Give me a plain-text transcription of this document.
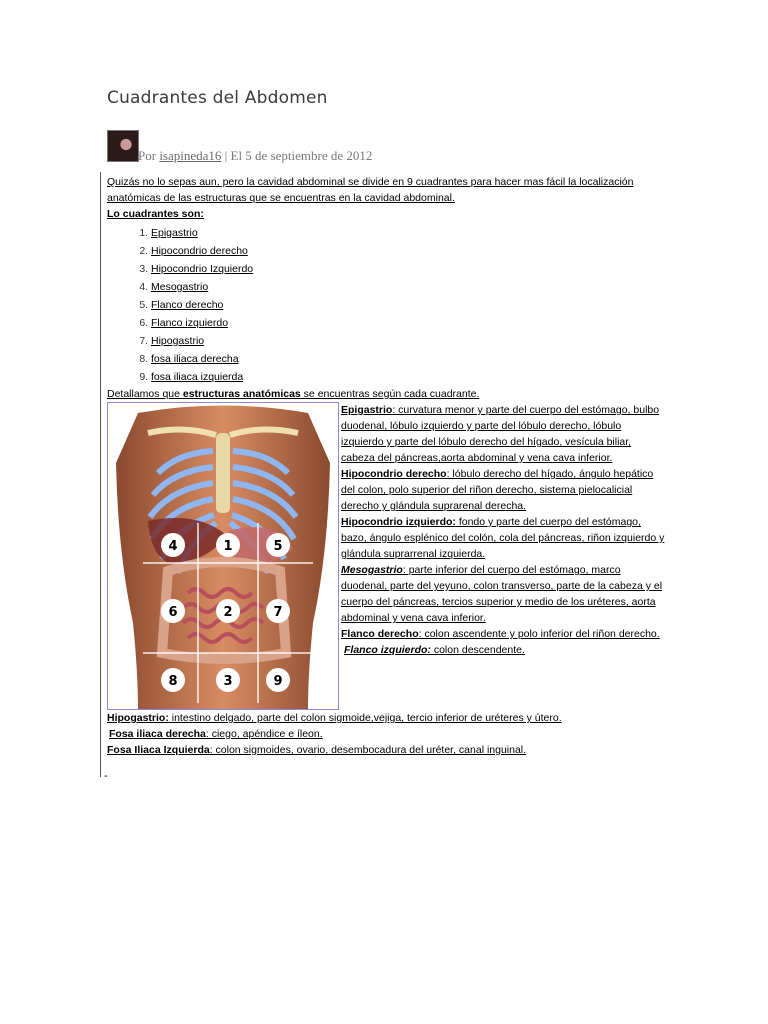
Cuadrantes del Abdomen
Por isapineda16 | El 5 de septiembre de 2012
Quizás no lo sepas aun, pero la cavidad abdominal se divide en 9 cuadrantes para hacer mas fácil la localización anatómicas de las estructuras que se encuentras en la cavidad abdominal.
Lo cuadrantes son:
1. Epigastrio
2. Hipocondrio derecho
3. Hipocondrio Izquierdo
4. Mesogastrio
5. Flanco derecho
6. Flanco izquierdo
7. Hipogastrio
8. fosa iliaca derecha
9. fosa iliaca izquierda
Detallamos que estructuras anatómicas se encuentras según cada cuadrante.
4	1	5
6	2	7
8	3	9

Epigastrio: curvatura menor y parte del cuerpo del estómago, bulbo duodenal, lóbulo izquierdo y parte del lóbulo derecho, lóbulo izquierdo y parte del lóbulo derecho del hígado, vesícula biliar, cabeza del páncreas,aorta abdominal y vena cava inferior.

Hipocondrio derecho: lóbulo derecho del hígado, ángulo hepático del colon, polo superior del riñon derecho, sistema pielocalicial derecho y glándula suprarenal derecha.

Hipocondrio izquierdo: fondo y parte del cuerpo del estómago, bazo, ángulo esplénico del colón, cola del páncreas, riñon izquierdo y glándula suprarrenal izquierda.

Mesogastrio: parte inferior del cuerpo del estómago, marco duodenal, parte del yeyuno, colon transverso, parte de la cabeza y el cuerpo del páncreas, tercios superior y medio de los uréteres, aorta abdominal y vena cava inferior.

Flanco derecho: colon ascendente y polo inferior del riñon derecho.

Flanco izquierdo: colon descendente.

Hipogastrio: intestino delgado, parte del colon sigmoide,vejiga, tercio inferior de uréteres y útero.

Fosa iliaca derecha: ciego, apéndice e íleon.

Fosa Iliaca Izquierda: colon sigmoides, ovario, desembocadura del uréter, canal inguinal.

-
